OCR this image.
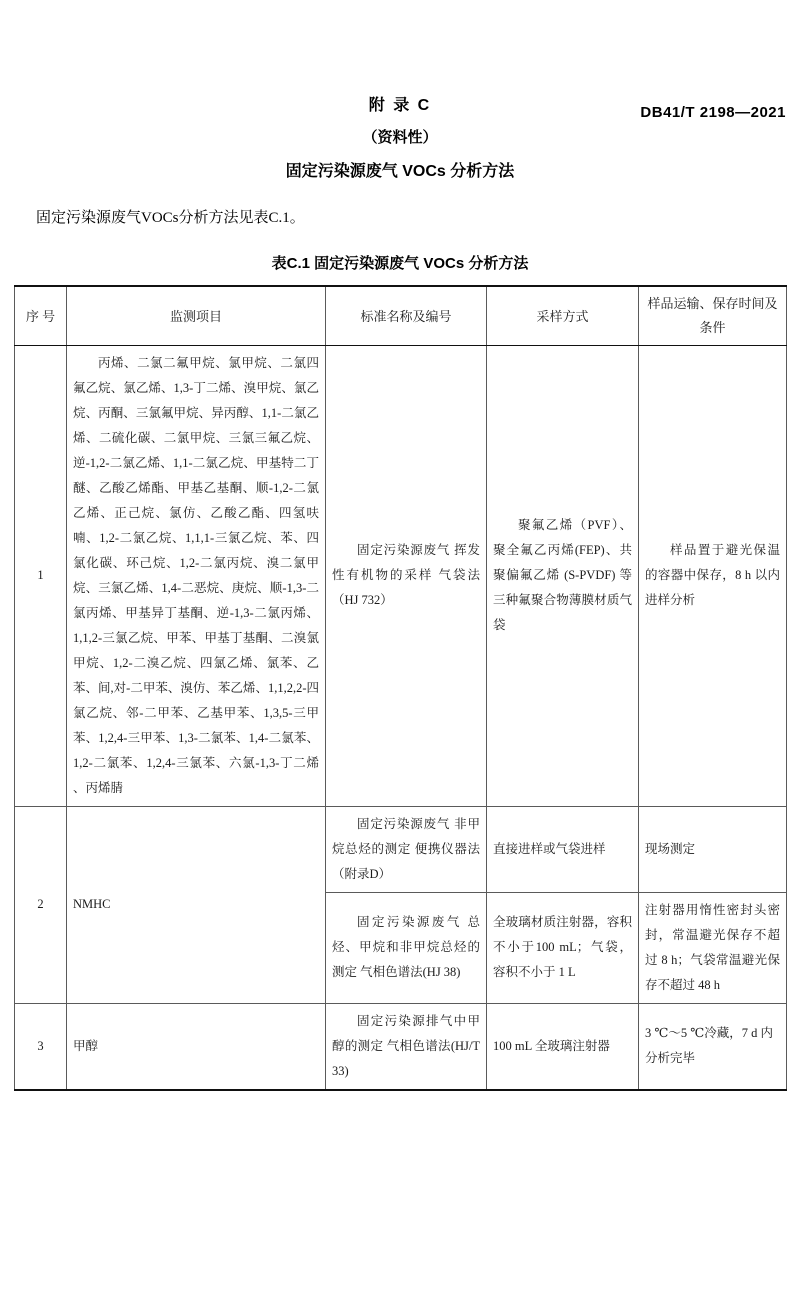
DB41/T 2198—2021
附 录 C
（资料性）
固定污染源废气 VOCs 分析方法
固定污染源废气VOCs分析方法见表C.1。
表C.1 固定污染源废气 VOCs 分析方法
序 号	监测项目	标准名称及编号	采样方式	样品运输、保存时间及条件
1	丙烯、二氯二氟甲烷、氯甲烷、二氯四氟乙烷、氯乙烯、1,3-丁二烯、溴甲烷、氯乙烷、丙酮、三氯氟甲烷、异丙醇、1,1-二氯乙烯、二硫化碳、二氯甲烷、三氯三氟乙烷、逆-1,2-二氯乙烯、1,1-二氯乙烷、甲基特二丁醚、乙酸乙烯酯、甲基乙基酮、顺-1,2-二氯乙烯、正己烷、氯仿、乙酸乙酯、四氢呋喃、1,2-二氯乙烷、1,1,1-三氯乙烷、苯、四氯化碳、环己烷、1,2-二氯丙烷、溴二氯甲烷、三氯乙烯、1,4-二恶烷、庚烷、顺-1,3-二氯丙烯、甲基异丁基酮、逆-1,3-二氯丙烯、1,1,2-三氯乙烷、甲苯、甲基丁基酮、二溴氯甲烷、1,2-二溴乙烷、四氯乙烯、氯苯、乙苯、间,对-二甲苯、溴仿、苯乙烯、1,1,2,2-四氯乙烷、邻-二甲苯、乙基甲苯、1,3,5-三甲苯、1,2,4-三甲苯、1,3-二氯苯、1,4-二氯苯、1,2-二氯苯、1,2,4-三氯苯、六氯-1,3-丁二烯 、丙烯腈	固定污染源废气 挥发性有机物的采样 气袋法（HJ 732）	聚氟乙烯（PVF）、聚全氟乙丙烯(FEP)、共聚偏氟乙烯 (S-PVDF) 等三种氟聚合物薄膜材质气袋	样品置于避光保温的容器中保存，8 h 以内进样分析
2	NMHC	固定污染源废气 非甲烷总烃的测定 便携仪器法（附录D）	直接进样或气袋进样	现场测定
		固定污染源废气 总烃、甲烷和非甲烷总烃的测定 气相色谱法(HJ 38)	全玻璃材质注射器，容积不小于100 mL；气袋，容积不小于 1 L	注射器用惰性密封头密封，常温避光保存不超过 8 h；气袋常温避光保存不超过 48 h
3	甲醇	固定污染源排气中甲醇的测定 气相色谱法(HJ/T 33)	100 mL 全玻璃注射器	3 ℃～5 ℃冷藏，7 d 内分析完毕
